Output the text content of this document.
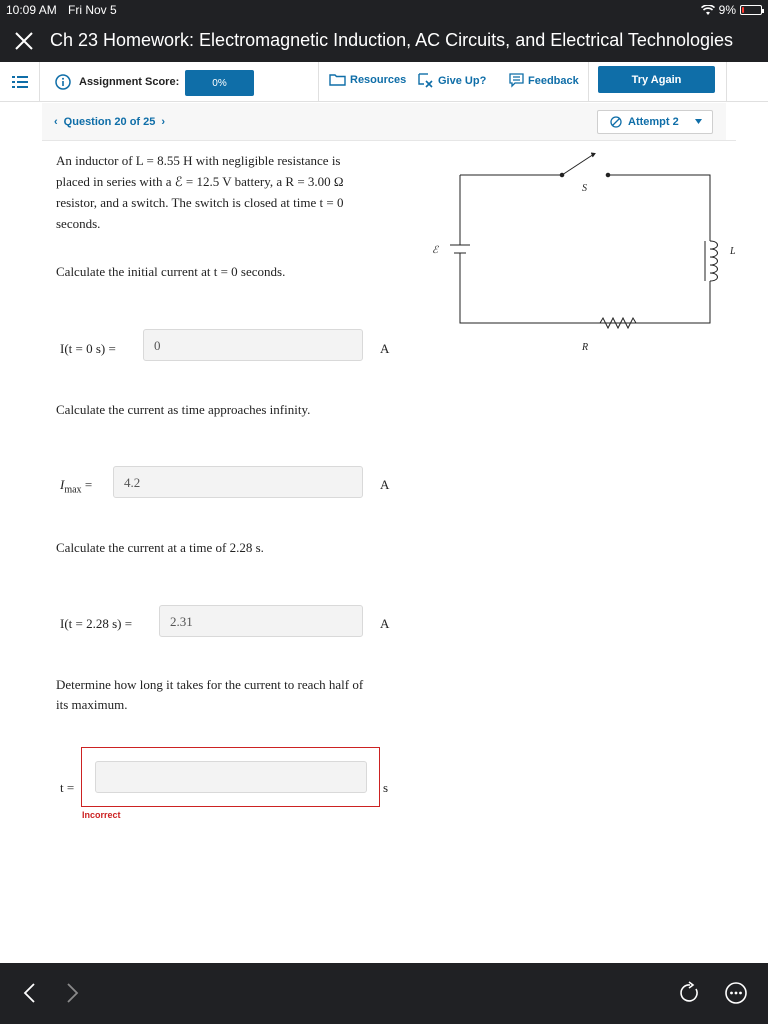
10:09 AM Fri Nov 5	9%
Ch 23 Homework: Electromagnetic Induction, AC Circuits, and Electrical Technologies
Assignment Score:	0%	Resources	Give Up?	Feedback	Try Again
‹ Question 20 of 25 ›	Attempt 2
An inductor of L = 8.55 H with negligible resistance is
placed in series with a ℰ = 12.5 V battery, a R = 3.00 Ω
resistor, and a switch. The switch is closed at time t = 0
seconds.
Calculate the initial current at t = 0 seconds.
I(t = 0 s) =	0	A
Calculate the current as time approaches infinity.
$I_{max}$ =	4.2	A
Calculate the current at a time of 2.28 s.
I(t = 2.28 s) =	2.31	A
Determine how long it takes for the current to reach half of
its maximum.
t =	s
Incorrect
S
ℰ	L
R
